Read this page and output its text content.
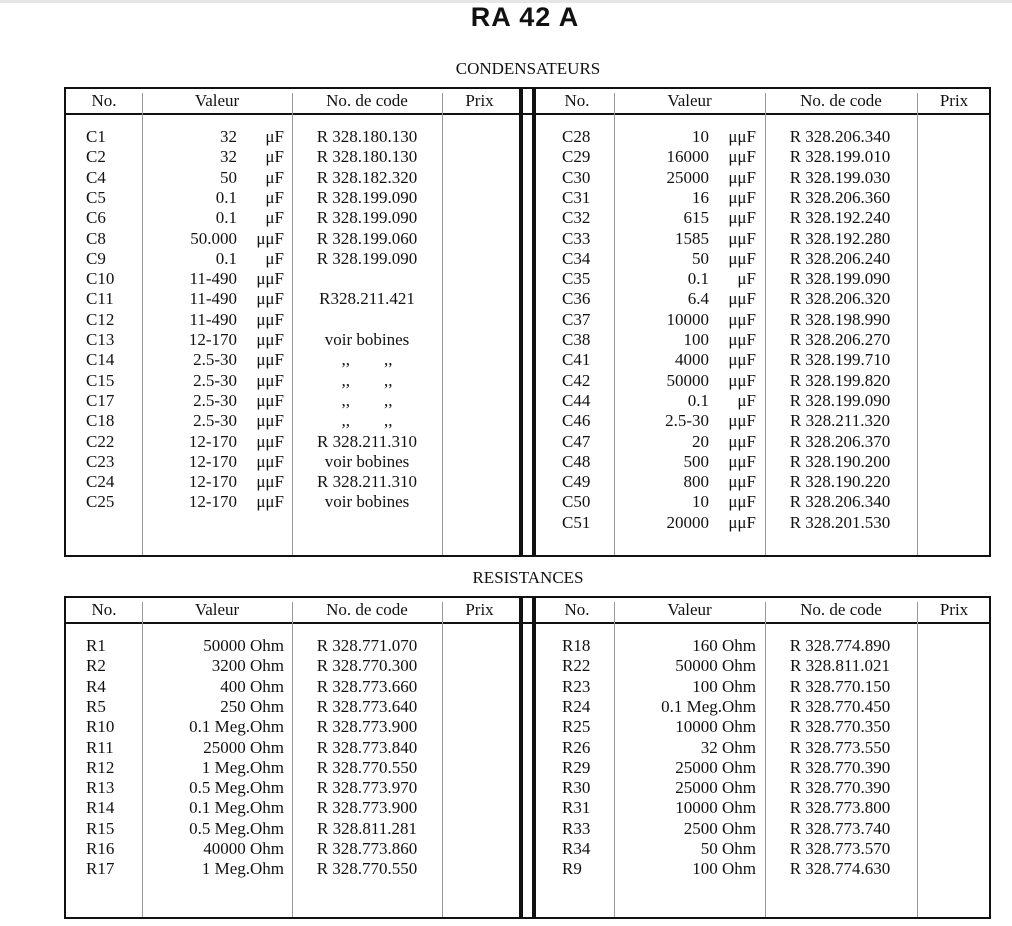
RA 42 A
CONDENSATEURS
No.	Valeur	No. de code	Prix	No.	Valeur	No. de code	Prix
C1	32	μF	R 328.180.130
C2	32	μF	R 328.180.130
C4	50	μF	R 328.182.320
C5	0.1	μF	R 328.199.090
C6	0.1	μF	R 328.199.090
C8	50.000	μμF	R 328.199.060
C9	0.1	μF	R 328.199.090
C10	11-490	μμF
C11	11-490	μμF	R328.211.421
C12	11-490	μμF
C13	12-170	μμF	voir bobines
C14	2.5-30	μμF	,,        ,,
C15	2.5-30	μμF	,,        ,,
C17	2.5-30	μμF	,,        ,,
C18	2.5-30	μμF	,,        ,,
C22	12-170	μμF	R 328.211.310
C23	12-170	μμF	voir bobines
C24	12-170	μμF	R 328.211.310
C25	12-170	μμF	voir bobines
C28	10	μμF	R 328.206.340
C29	16000	μμF	R 328.199.010
C30	25000	μμF	R 328.199.030
C31	16	μμF	R 328.206.360
C32	615	μμF	R 328.192.240
C33	1585	μμF	R 328.192.280
C34	50	μμF	R 328.206.240
C35	0.1	μF	R 328.199.090
C36	6.4	μμF	R 328.206.320
C37	10000	μμF	R 328.198.990
C38	100	μμF	R 328.206.270
C41	4000	μμF	R 328.199.710
C42	50000	μμF	R 328.199.820
C44	0.1	μF	R 328.199.090
C46	2.5-30	μμF	R 328.211.320
C47	20	μμF	R 328.206.370
C48	500	μμF	R 328.190.200
C49	800	μμF	R 328.190.220
C50	10	μμF	R 328.206.340
C51	20000	μμF	R 328.201.530
RESISTANCES
No.	Valeur	No. de code	Prix	No.	Valeur	No. de code	Prix
R1	50000 Ohm	R 328.771.070
R2	3200 Ohm	R 328.770.300
R4	400 Ohm	R 328.773.660
R5	250 Ohm	R 328.773.640
R10	0.1 Meg.Ohm	R 328.773.900
R11	25000 Ohm	R 328.773.840
R12	1 Meg.Ohm	R 328.770.550
R13	0.5 Meg.Ohm	R 328.773.970
R14	0.1 Meg.Ohm	R 328.773.900
R15	0.5 Meg.Ohm	R 328.811.281
R16	40000 Ohm	R 328.773.860
R17	1 Meg.Ohm	R 328.770.550
R18	160 Ohm	R 328.774.890
R22	50000 Ohm	R 328.811.021
R23	100 Ohm	R 328.770.150
R24	0.1 Meg.Ohm	R 328.770.450
R25	10000 Ohm	R 328.770.350
R26	32 Ohm	R 328.773.550
R29	25000 Ohm	R 328.770.390
R30	25000 Ohm	R 328.770.390
R31	10000 Ohm	R 328.773.800
R33	2500 Ohm	R 328.773.740
R34	50 Ohm	R 328.773.570
R9	100 Ohm	R 328.774.630
